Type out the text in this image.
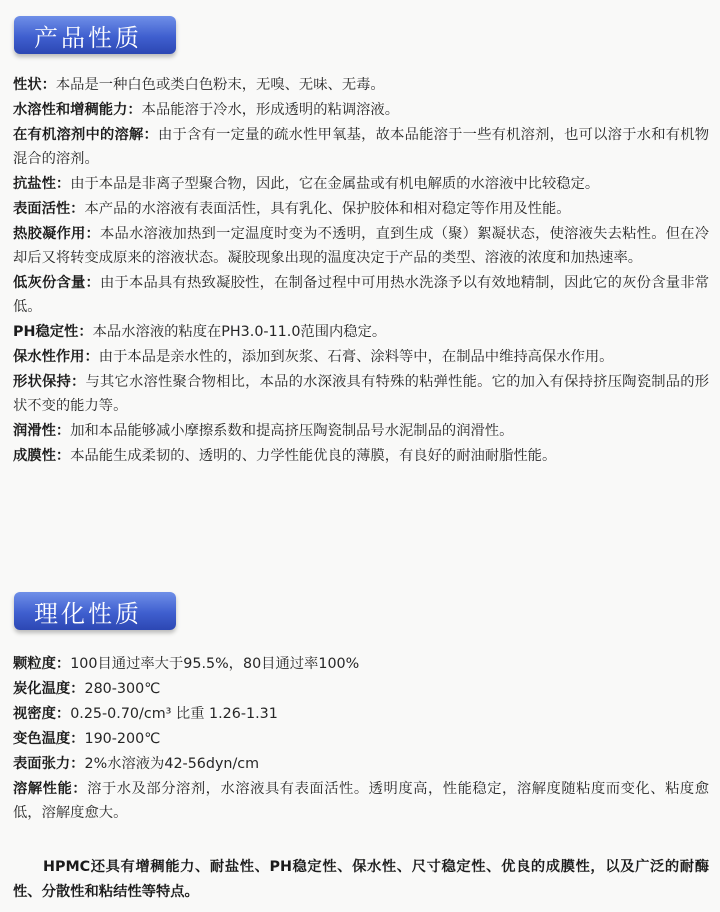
产品性质

性状：本品是一种白色或类白色粉末，无嗅、无味、无毒。

水溶性和增稠能力：本品能溶于冷水，形成透明的粘调溶液。

在有机溶剂中的溶解：由于含有一定量的疏水性甲氧基，故本品能溶于一些有机溶剂，也可以溶于水和有机物混合的溶剂。

抗盐性：由于本品是非离子型聚合物，因此，它在金属盐或有机电解质的水溶液中比较稳定。

表面活性：本产品的水溶液有表面活性，具有乳化、保护胶体和相对稳定等作用及性能。

热胶凝作用：本品水溶液加热到一定温度时变为不透明，直到生成（聚）絮凝状态，使溶液失去粘性。但在冷却后又将转变成原来的溶液状态。凝胶现象出现的温度决定于产品的类型、溶液的浓度和加热速率。

低灰份含量：由于本品具有热致凝胶性，在制备过程中可用热水洗涤予以有效地精制，因此它的灰份含量非常低。

PH稳定性：本品水溶液的粘度在PH3.0-11.0范围内稳定。

保水性作用：由于本品是亲水性的，添加到灰浆、石膏、涂料等中，在制品中维持高保水作用。

形状保持：与其它水溶性聚合物相比，本品的水深液具有特殊的粘弹性能。它的加入有保持挤压陶瓷制品的形状不变的能力等。

润滑性：加和本品能够减小摩擦系数和提高挤压陶瓷制品号水泥制品的润滑性。

成膜性：本品能生成柔韧的、透明的、力学性能优良的薄膜，有良好的耐油耐脂性能。

理化性质

颗粒度：100目通过率大于95.5%，80目通过率100%

炭化温度：280-300℃

视密度：0.25-0.70/cm³ 比重 1.26-1.31

变色温度：190-200℃

表面张力：2%水溶液为42-56dyn/cm

溶解性能：溶于水及部分溶剂，水溶液具有表面活性。透明度高，性能稳定，溶解度随粘度而变化、粘度愈低，溶解度愈大。

HPMC还具有增稠能力、耐盐性、PH稳定性、保水性、尺寸稳定性、优良的成膜性，以及广泛的耐酶性、分散性和粘结性等特点。
